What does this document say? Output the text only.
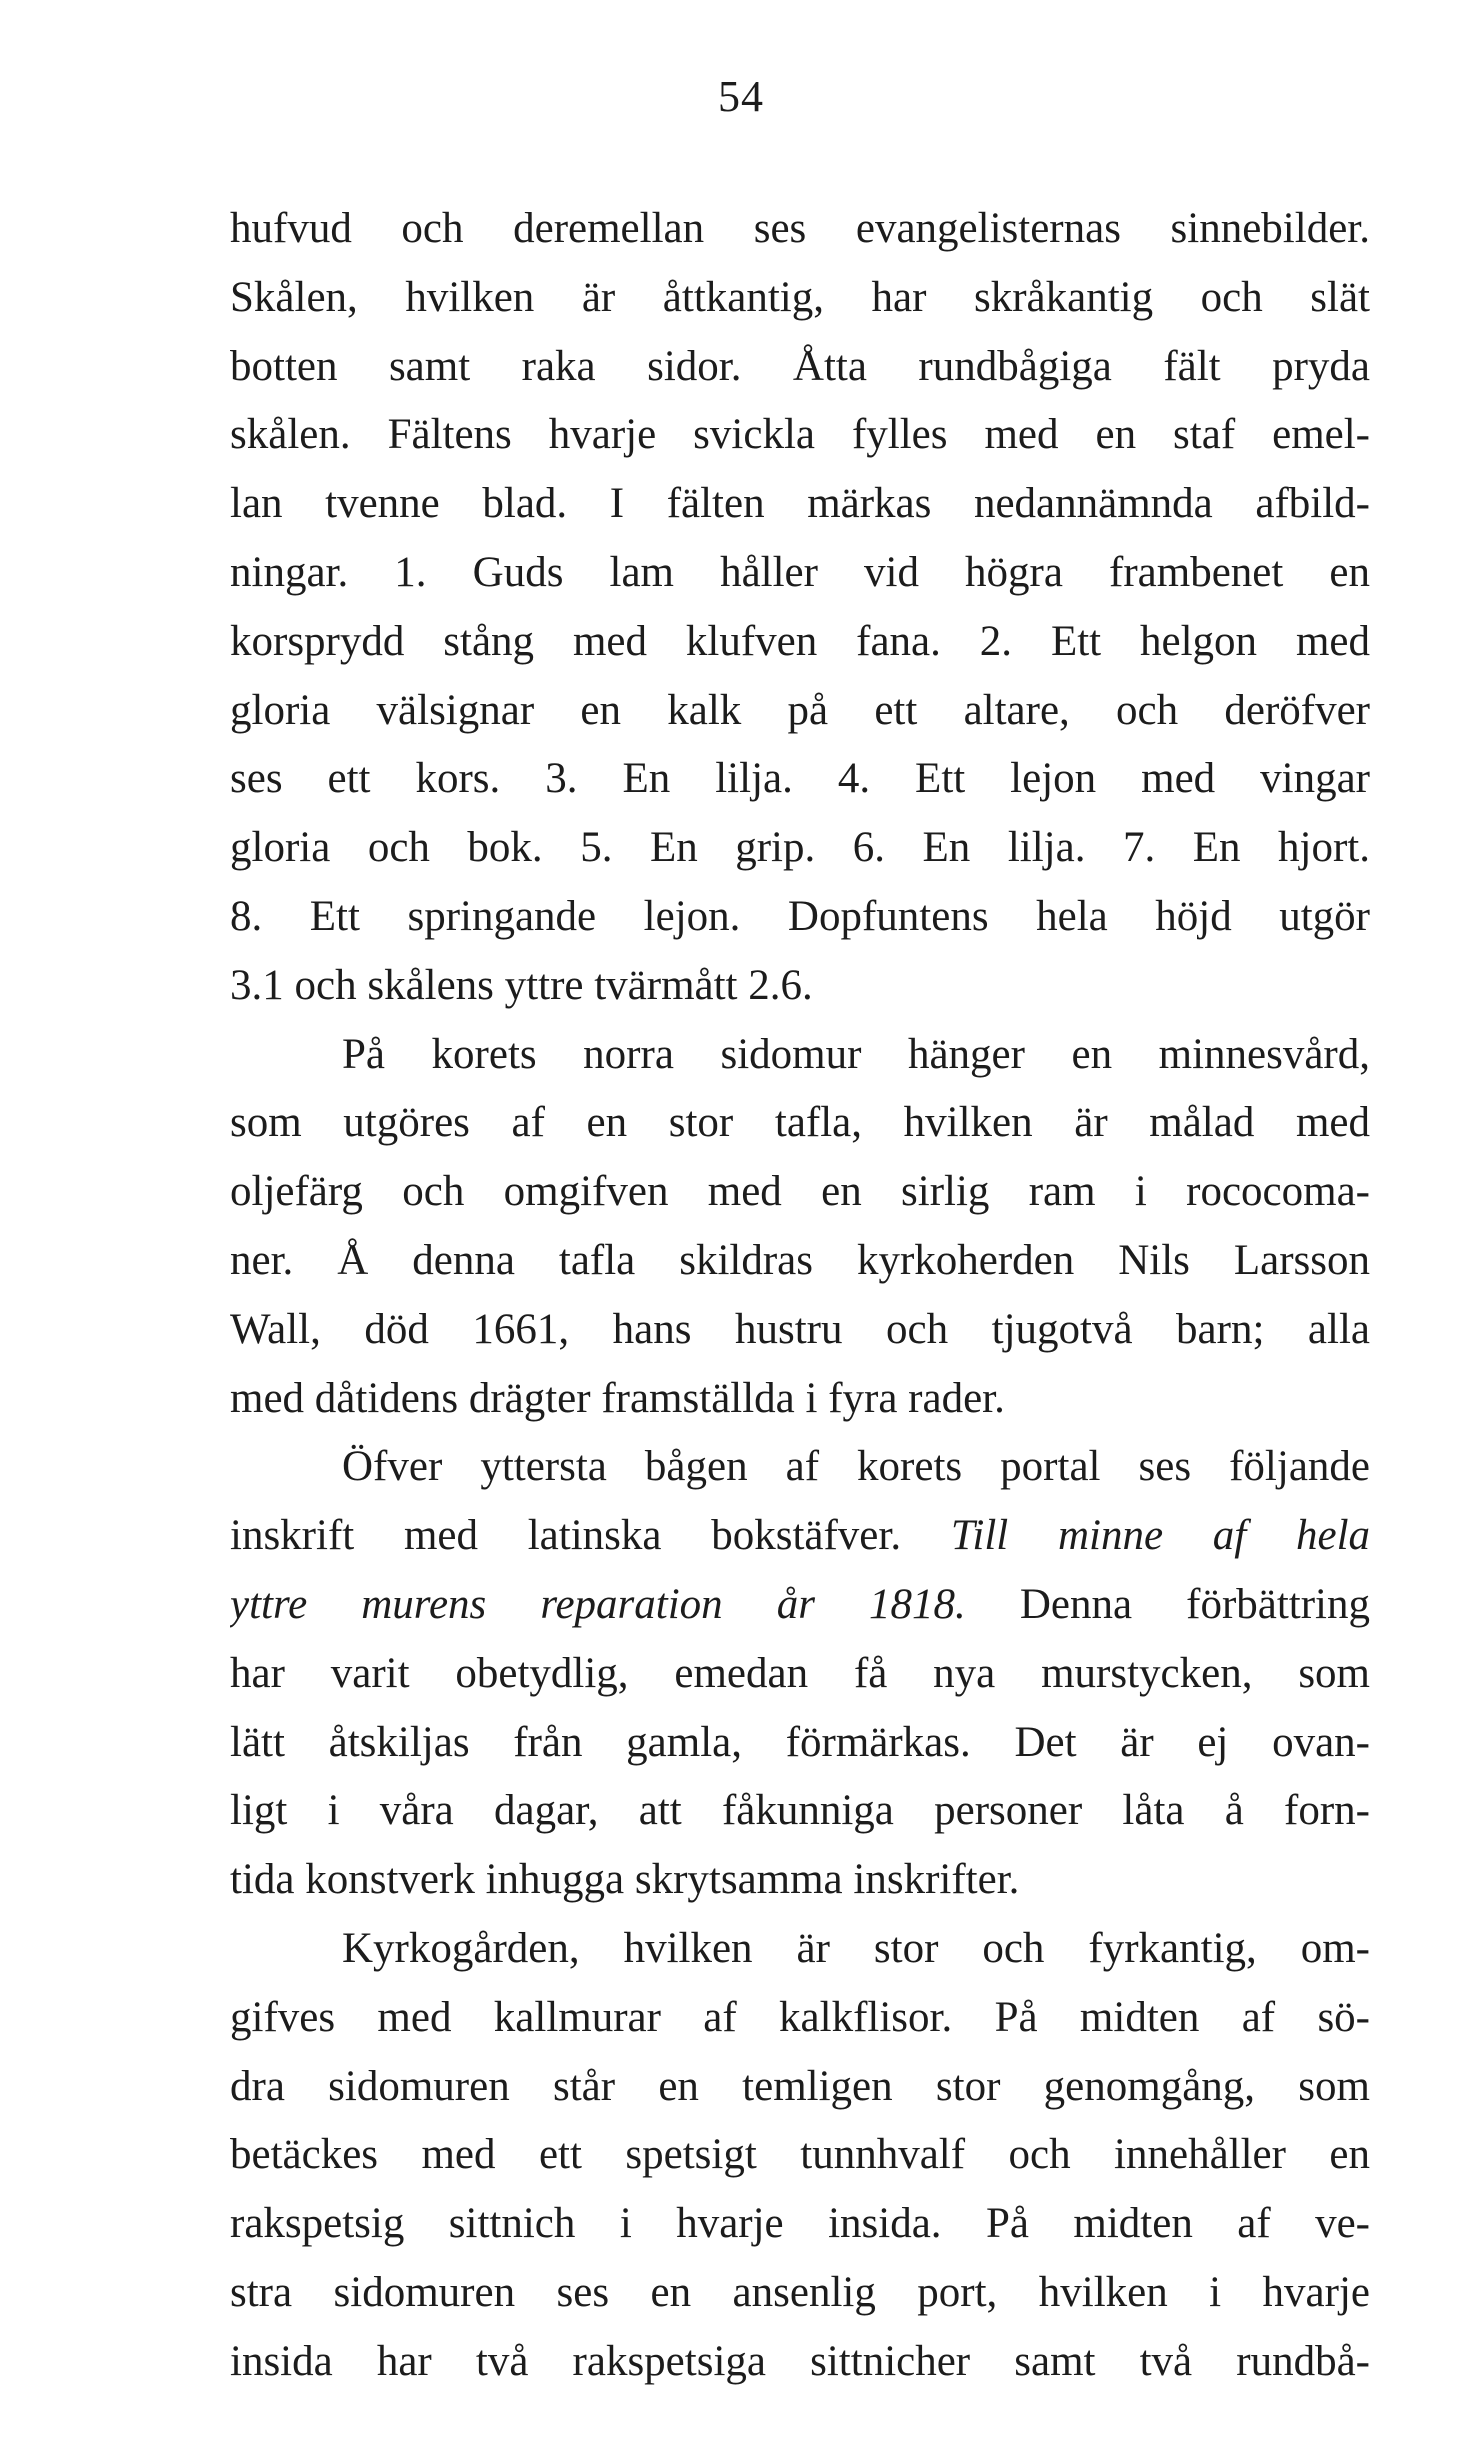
54
hufvud och deremellan ses evangelisternas sinnebilder.
Skålen, hvilken är åttkantig, har skråkantig och slät
botten samt raka sidor. Åtta rundbågiga fält pryda
skålen. Fältens hvarje svickla fylles med en staf emel-
lan tvenne blad. I fälten märkas nedannämnda afbild-
ningar. 1. Guds lam håller vid högra frambenet en
korsprydd stång med klufven fana. 2. Ett helgon med
gloria välsignar en kalk på ett altare, och deröfver
ses ett kors. 3. En lilja. 4. Ett lejon med vingar
gloria och bok. 5. En grip. 6. En lilja. 7. En hjort.
8. Ett springande lejon. Dopfuntens hela höjd utgör
3.1 och skålens yttre tvärmått 2.6.
På korets norra sidomur hänger en minnesvård,
som utgöres af en stor tafla, hvilken är målad med
oljefärg och omgifven med en sirlig ram i rococoma-
ner. Å denna tafla skildras kyrkoherden Nils Larsson
Wall, död 1661, hans hustru och tjugotvå barn; alla
med dåtidens drägter framställda i fyra rader.
Öfver yttersta bågen af korets portal ses följande
inskrift med latinska bokstäfver. Till minne af hela
yttre murens reparation år 1818. Denna förbättring
har varit obetydlig, emedan få nya murstycken, som
lätt åtskiljas från gamla, förmärkas. Det är ej ovan-
ligt i våra dagar, att fåkunniga personer låta å forn-
tida konstverk inhugga skrytsamma inskrifter.
Kyrkogården, hvilken är stor och fyrkantig, om-
gifves med kallmurar af kalkflisor. På midten af sö-
dra sidomuren står en temligen stor genomgång, som
betäckes med ett spetsigt tunnhvalf och innehåller en
rakspetsig sittnich i hvarje insida. På midten af ve-
stra sidomuren ses en ansenlig port, hvilken i hvarje
insida har två rakspetsiga sittnicher samt två rundbå-
